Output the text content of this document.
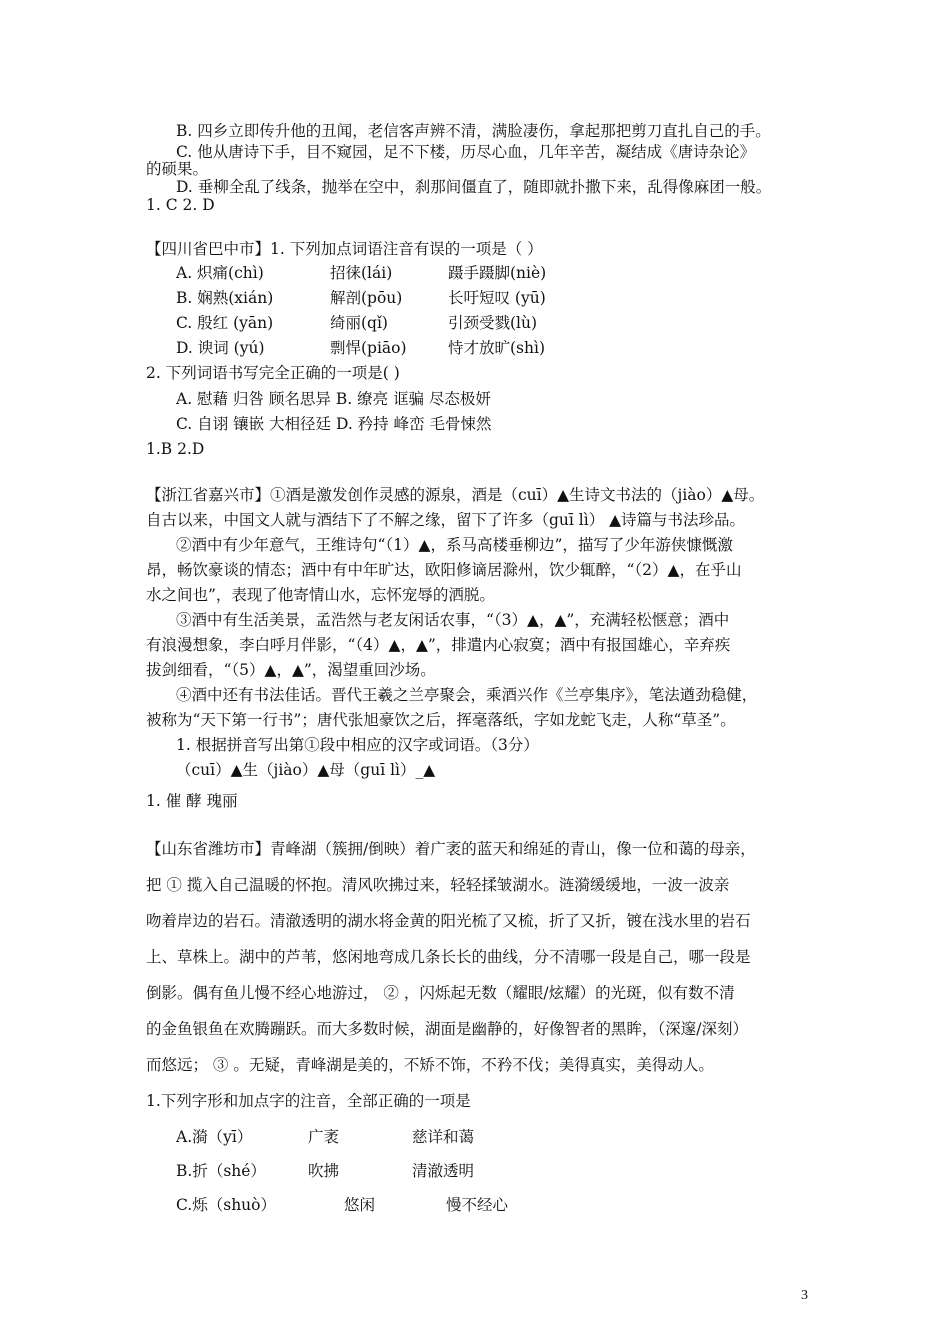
B. 四乡立即传升他的丑闻，老信客声辨不清，满脸凄伤，拿起那把剪刀直扎自己的手。
C. 他从唐诗下手，目不窥园，足不下楼，历尽心血，几年辛苦，凝结成《唐诗杂论》
的硕果。
D. 垂柳全乱了线条，抛举在空中，刹那间僵直了，随即就扑撒下来，乱得像麻团一般。
1. C 2. D
【四川省巴中市】1. 下列加点词语注音有误的一项是（ ）
A. 炽痛(chì)	招徕(lái)	蹑手蹑脚(niè)
B. 娴熟(xián)	解剖(pōu)	长吁短叹 (yū)
C. 殷红 (yān)	绮丽(qǐ)	引颈受戮(lù)
D. 谀词 (yú)	剽悍(piāo)	恃才放旷(shì)
2. 下列词语书写完全正确的一项是( )
A. 慰藉 归咎 顾名思异 B. 缭亮 诓骗 尽态极妍
C. 自诩 镶嵌 大相径廷 D. 矜持 峰峦 毛骨悚然
1.B 2.D
【浙江省嘉兴市】①酒是激发创作灵感的源泉，酒是（cuī）▲生诗文书法的（jiào）▲母。
自古以来，中国文人就与酒结下了不解之缘，留下了许多（guī lì） ▲诗篇与书法珍品。
②酒中有少年意气，王维诗句“（1）▲，系马高楼垂柳边”，描写了少年游侠慷慨激
昂，畅饮豪谈的情态；酒中有中年旷达，欧阳修谪居滁州，饮少辄醉，“（2）▲，在乎山
水之间也”，表现了他寄情山水，忘怀宠辱的洒脱。
③酒中有生活美景，孟浩然与老友闲话农事，“（3）▲，▲”，充满轻松惬意；酒中
有浪漫想象，李白呼月伴影，“（4）▲，▲”，排遣内心寂寞；酒中有报国雄心，辛弃疾
拔剑细看，“（5）▲，▲”，渴望重回沙场。
④酒中还有书法佳话。晋代王羲之兰亭聚会，乘酒兴作《兰亭集序》，笔法遒劲稳健，
被称为“天下第一行书”；唐代张旭豪饮之后，挥毫落纸，字如龙蛇飞走，人称“草圣”。
1. 根据拼音写出第①段中相应的汉字或词语。（3分）
（cuī）▲生（jiào）▲母（guī lì）_▲
1. 催 酵 瑰丽
【山东省潍坊市】青峰湖（簇拥/倒映）着广袤的蓝天和绵延的青山，像一位和蔼的母亲，
把 ① 揽入自己温暖的怀抱。清风吹拂过来，轻轻揉皱湖水。涟漪缓缓地，一波一波亲
吻着岸边的岩石。清澈透明的湖水将金黄的阳光梳了又梳，折了又折，镀在浅水里的岩石
上、草株上。湖中的芦苇，悠闲地弯成几条长长的曲线，分不清哪一段是自己，哪一段是
倒影。偶有鱼儿慢不经心地游过， ② ，闪烁起无数（耀眼/炫耀）的光斑，似有数不清
的金鱼银鱼在欢腾蹦跃。而大多数时候，湖面是幽静的，好像智者的黑眸，（深邃/深刻）
而悠远； ③ 。无疑，青峰湖是美的，不矫不饰，不矜不伐；美得真实，美得动人。
1.下列字形和加点字的注音，全部正确的一项是
A.漪（yī）	广袤	慈详和蔼
B.折（shé）	吹拂	清澈透明
C.烁（shuò）	悠闲	慢不经心
3
